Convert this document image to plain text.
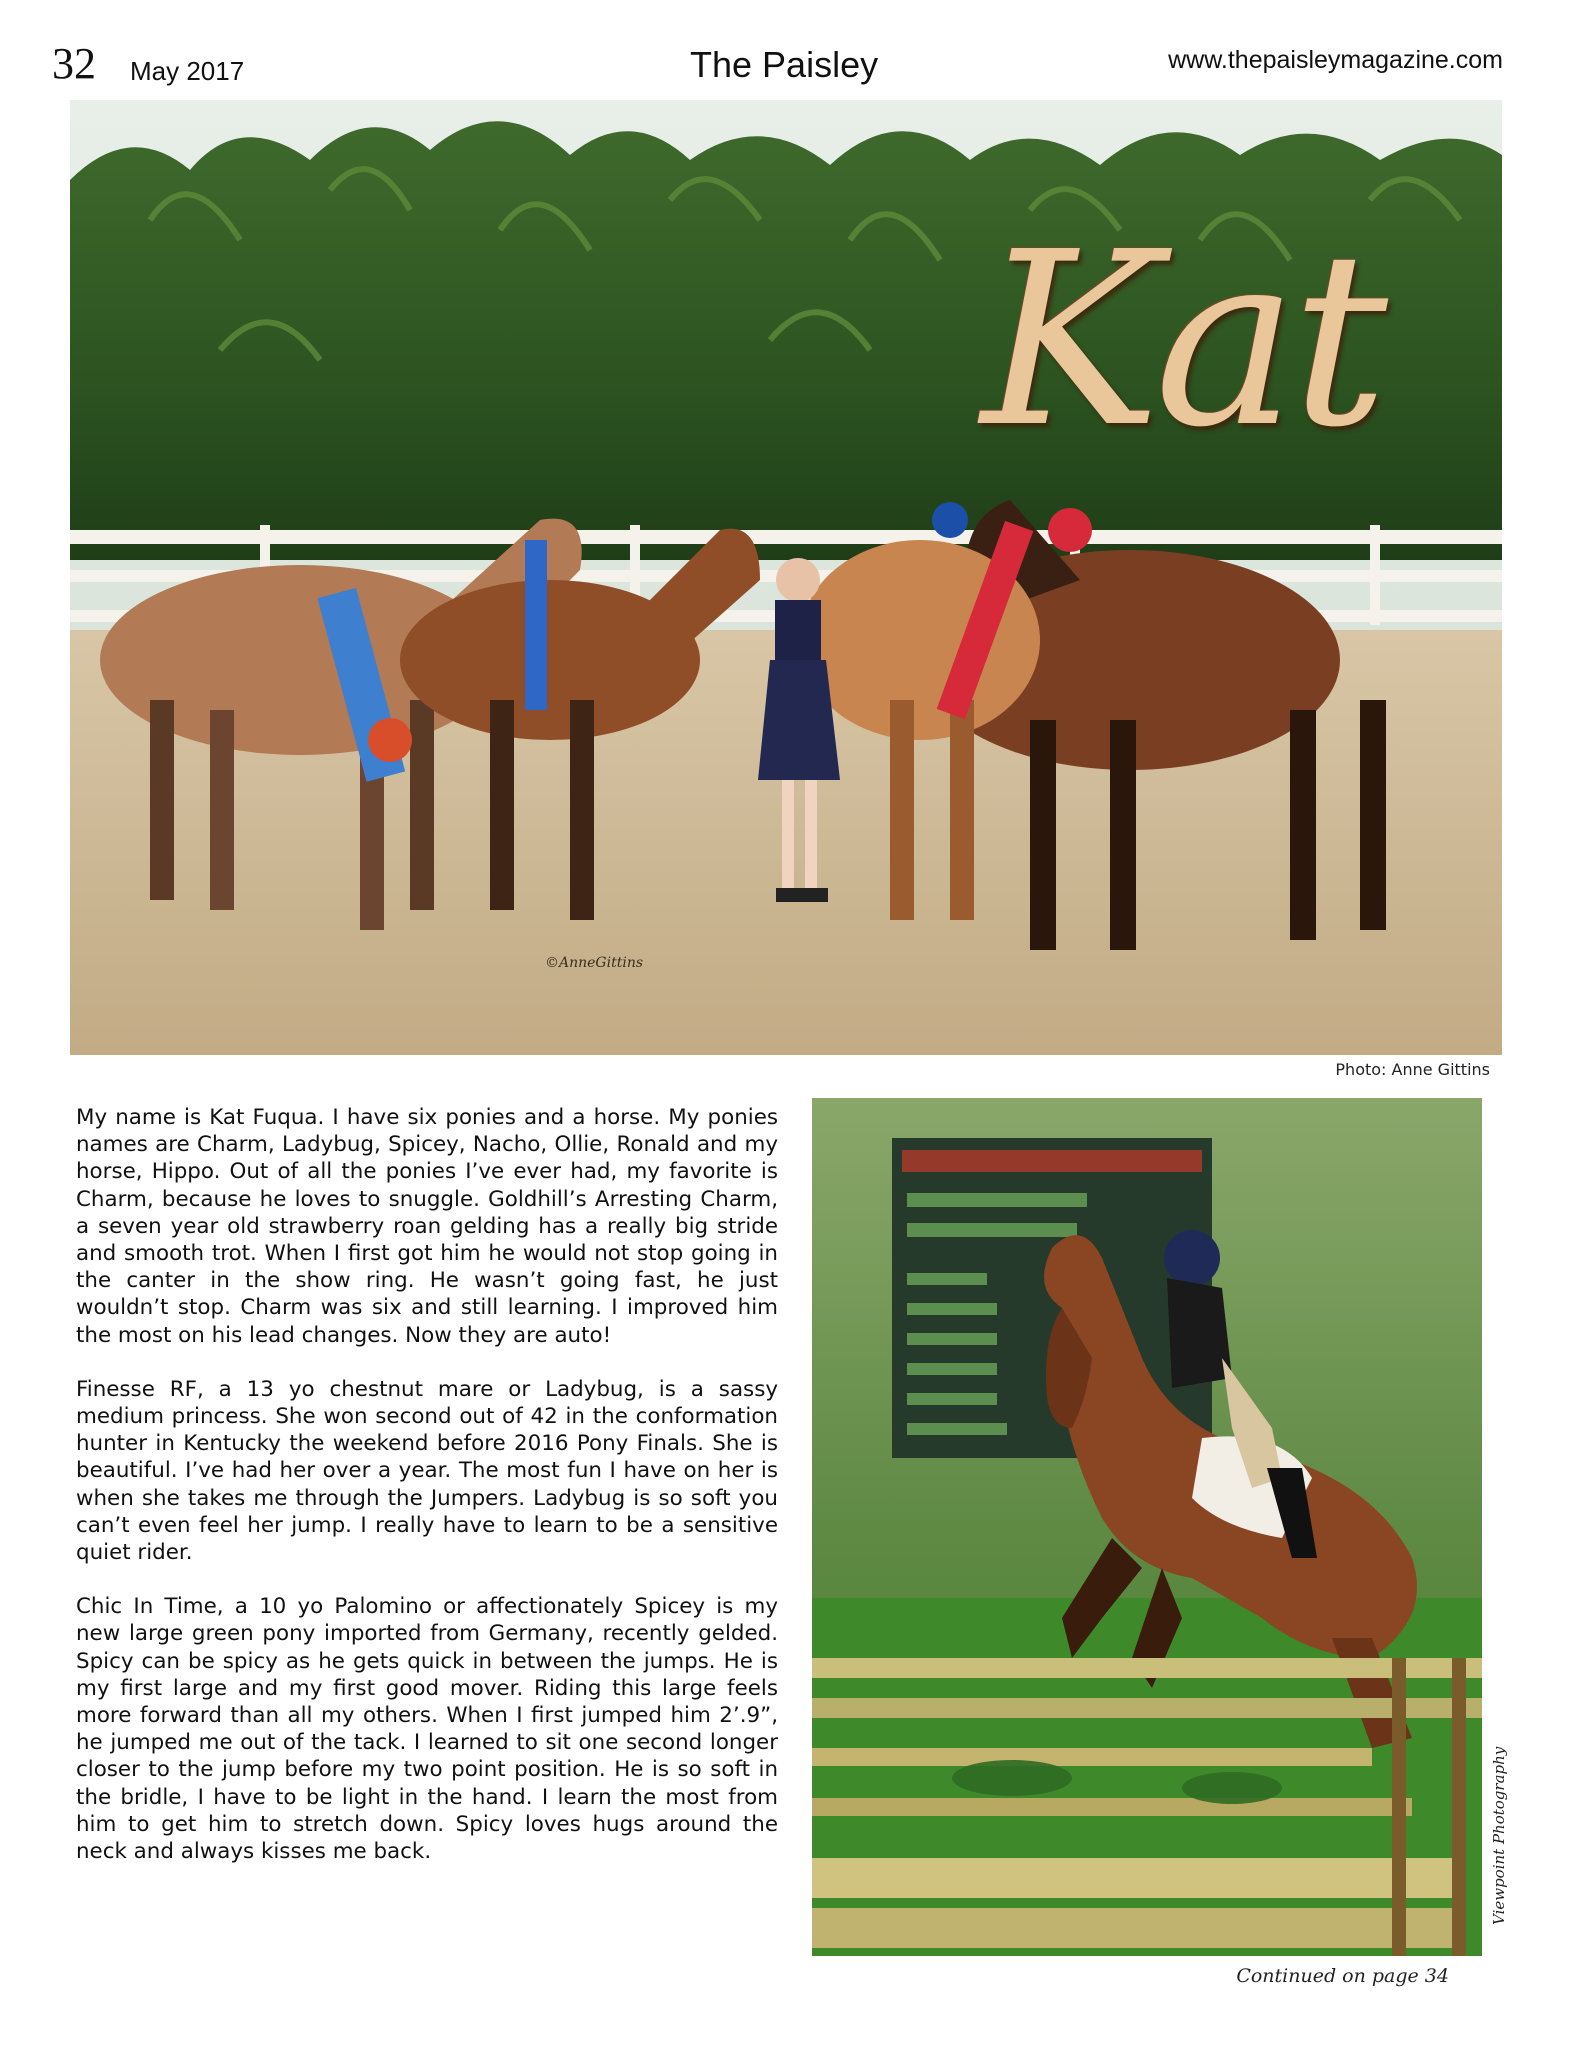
32 May 2017	The Paisley	www.thepaisleymagazine.com
Kat
©AnneGittins
Photo: Anne Gittins

My name is Kat Fuqua. I have six ponies and a horse. My ponies names are Charm, Ladybug, Spicey, Nacho, Ollie, Ronald and my horse, Hippo. Out of all the ponies I’ve ever had, my favorite is Charm, because he loves to snuggle. Goldhill’s Arresting Charm, a seven year old strawberry roan gelding has a really big stride and smooth trot. When I first got him he would not stop going in the canter in the show ring. He wasn’t going fast, he just wouldn’t stop. Charm was six and still learning. I improved him the most on his lead changes. Now they are auto!

Finesse RF, a 13 yo chestnut mare or Ladybug, is a sassy medium princess. She won second out of 42 in the conformation hunter in Kentucky the weekend before 2016 Pony Finals. She is beautiful. I’ve had her over a year. The most fun I have on her is when she takes me through the Jumpers. Ladybug is so soft you can’t even feel her jump. I really have to learn to be a sensitive quiet rider.

Chic In Time, a 10 yo Palomino or affectionately Spicey is my new large green pony imported from Germany, recently gelded. Spicy can be spicy as he gets quick in between the jumps. He is my first large and my first good mover. Riding this large feels more forward than all my others. When I first jumped him 2’.9”, he jumped me out of the tack. I learned to sit one second longer closer to the jump before my two point position. He is so soft in the bridle, I have to be light in the hand. I learn the most from him to get him to stretch down. Spicy loves hugs around the neck and always kisses me back.	Viewpoint Photography
Continued on page 34
